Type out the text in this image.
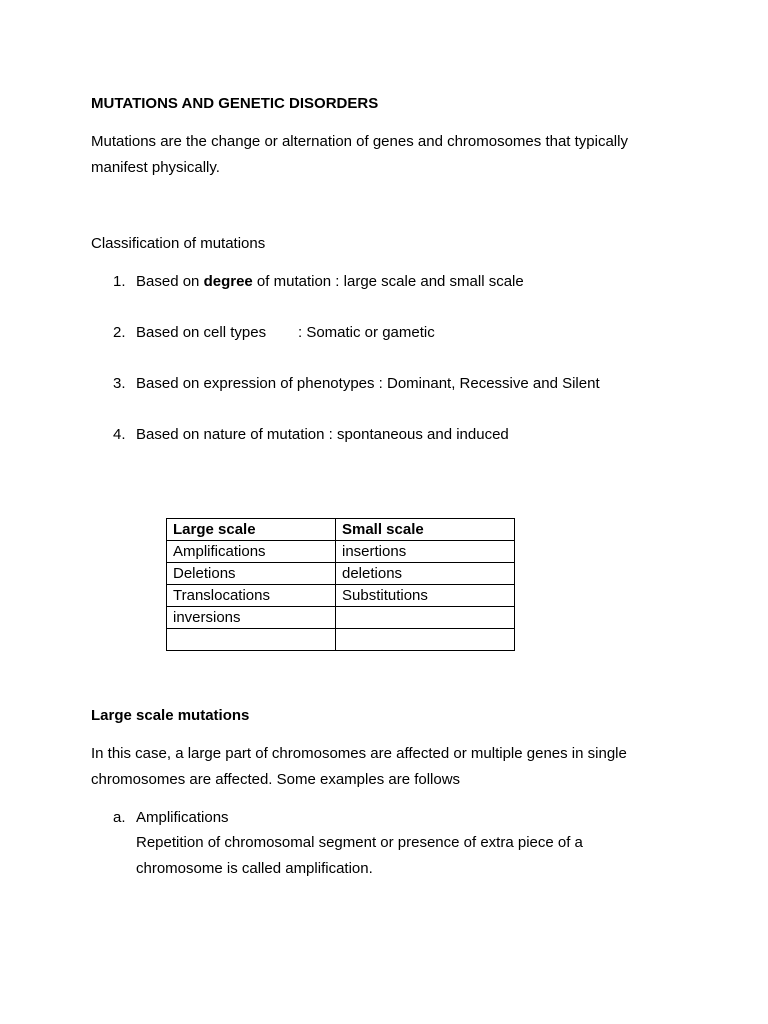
MUTATIONS AND GENETIC DISORDERS
Mutations are the change or alternation of genes and chromosomes that typically
manifest physically.
Classification of mutations
1. Based on degree of mutation : large scale and small scale
2. Based on cell types : Somatic or gametic
3. Based on expression of phenotypes : Dominant, Recessive and Silent
4. Based on nature of mutation : spontaneous and induced
Large scale	Small scale
Amplifications	insertions
Deletions	deletions
Translocations	Substitutions
inversions	

Large scale mutations
In this case, a large part of chromosomes are affected or multiple genes in single
chromosomes are affected. Some examples are follows
a. Amplifications
Repetition of chromosomal segment or presence of extra piece of a
chromosome is called amplification.
